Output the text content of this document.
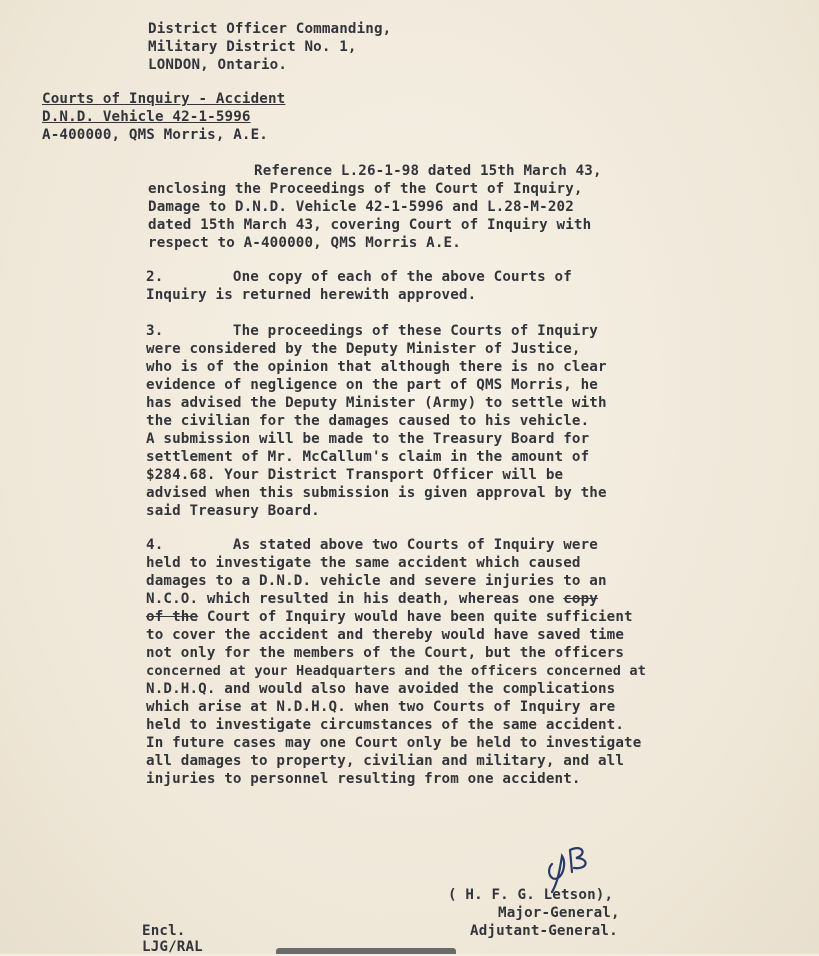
District Officer Commanding,
Military District No. 1,
LONDON, Ontario.
Courts of Inquiry - Accident
D.N.D. Vehicle 42-1-5996
A-400000, QMS Morris, A.E.
Reference L.26-1-98 dated 15th March 43,
enclosing the Proceedings of the Court of Inquiry,
Damage to D.N.D. Vehicle 42-1-5996 and L.28-M-202
dated 15th March 43, covering Court of Inquiry with
respect to A-400000, QMS Morris A.E.
2.        One copy of each of the above Courts of
Inquiry is returned herewith approved.
3.        The proceedings of these Courts of Inquiry
were considered by the Deputy Minister of Justice,
who is of the opinion that although there is no clear
evidence of negligence on the part of QMS Morris, he
has advised the Deputy Minister (Army) to settle with
the civilian for the damages caused to his vehicle.
A submission will be made to the Treasury Board for
settlement of Mr. McCallum's claim in the amount of
$284.68. Your District Transport Officer will be
advised when this submission is given approval by the
said Treasury Board.
4.        As stated above two Courts of Inquiry were
held to investigate the same accident which caused
damages to a D.N.D. vehicle and severe injuries to an
N.C.O. which resulted in his death, whereas one copy
of the Court of Inquiry would have been quite sufficient
to cover the accident and thereby would have saved time
not only for the members of the Court, but the officers
concerned at your Headquarters and the officers concerned at
N.D.H.Q. and would also have avoided the complications
which arise at N.D.H.Q. when two Courts of Inquiry are
held to investigate circumstances of the same accident.
In future cases may one Court only be held to investigate
all damages to property, civilian and military, and all
injuries to personnel resulting from one accident.
( H. F. G. Letson),
Major-General,
Adjutant-General.
Encl.
LJG/RAL
